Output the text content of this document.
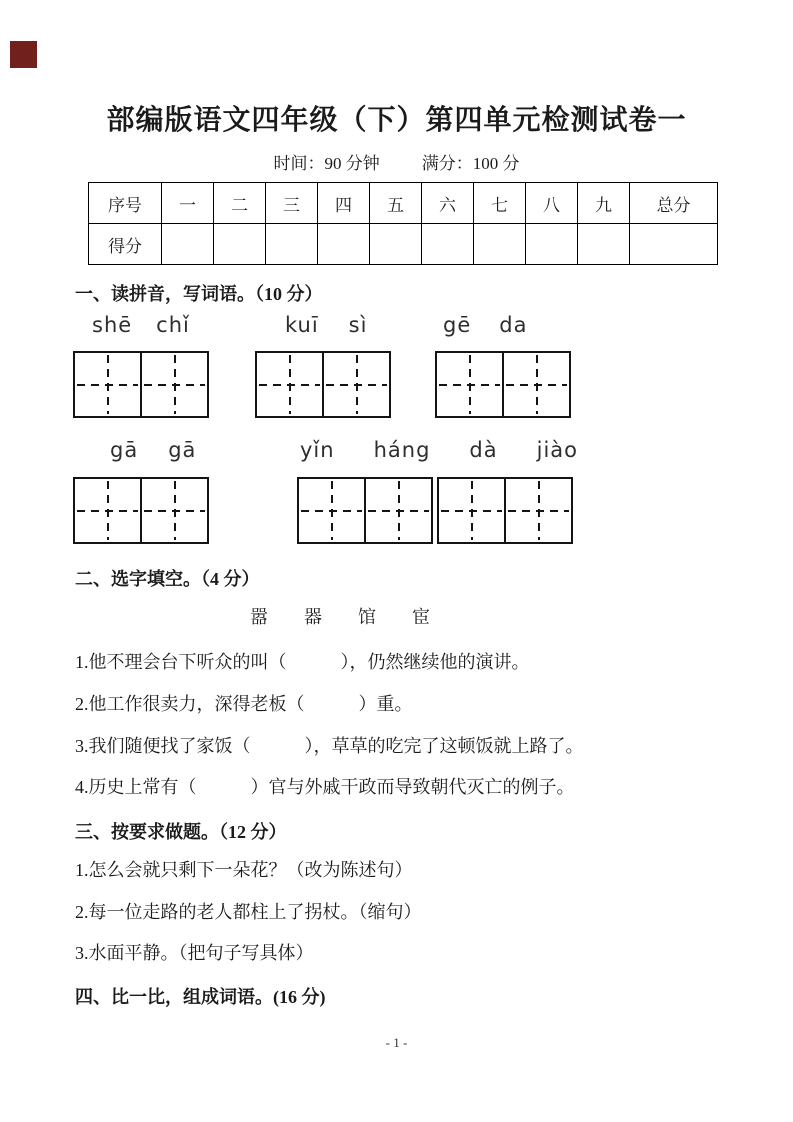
部编版语文四年级（下）第四单元检测试卷一
时间：90 分钟 满分：100 分
序号	一	二	三	四	五	六	七	八	九	总分
得分										
一、读拼音，写词语。（10 分）
shē chǐ	kuī sì	gē da
gā gā	yǐn háng dà jiào
二、选字填空。（4 分）
嚣 器 馆 宦
1.他不理会台下听众的叫（　　　），仍然继续他的演讲。
2.他工作很卖力，深得老板（　　　）重。
3.我们随便找了家饭（　　　），草草的吃完了这顿饭就上路了。
4.历史上常有（　　　）官与外戚干政而导致朝代灭亡的例子。
三、按要求做题。（12 分）
1.怎么会就只剩下一朵花？（改为陈述句）
2.每一位走路的老人都柱上了拐杖。（缩句）
3.水面平静。（把句子写具体）
四、比一比，组成词语。(16 分)
- 1 -
